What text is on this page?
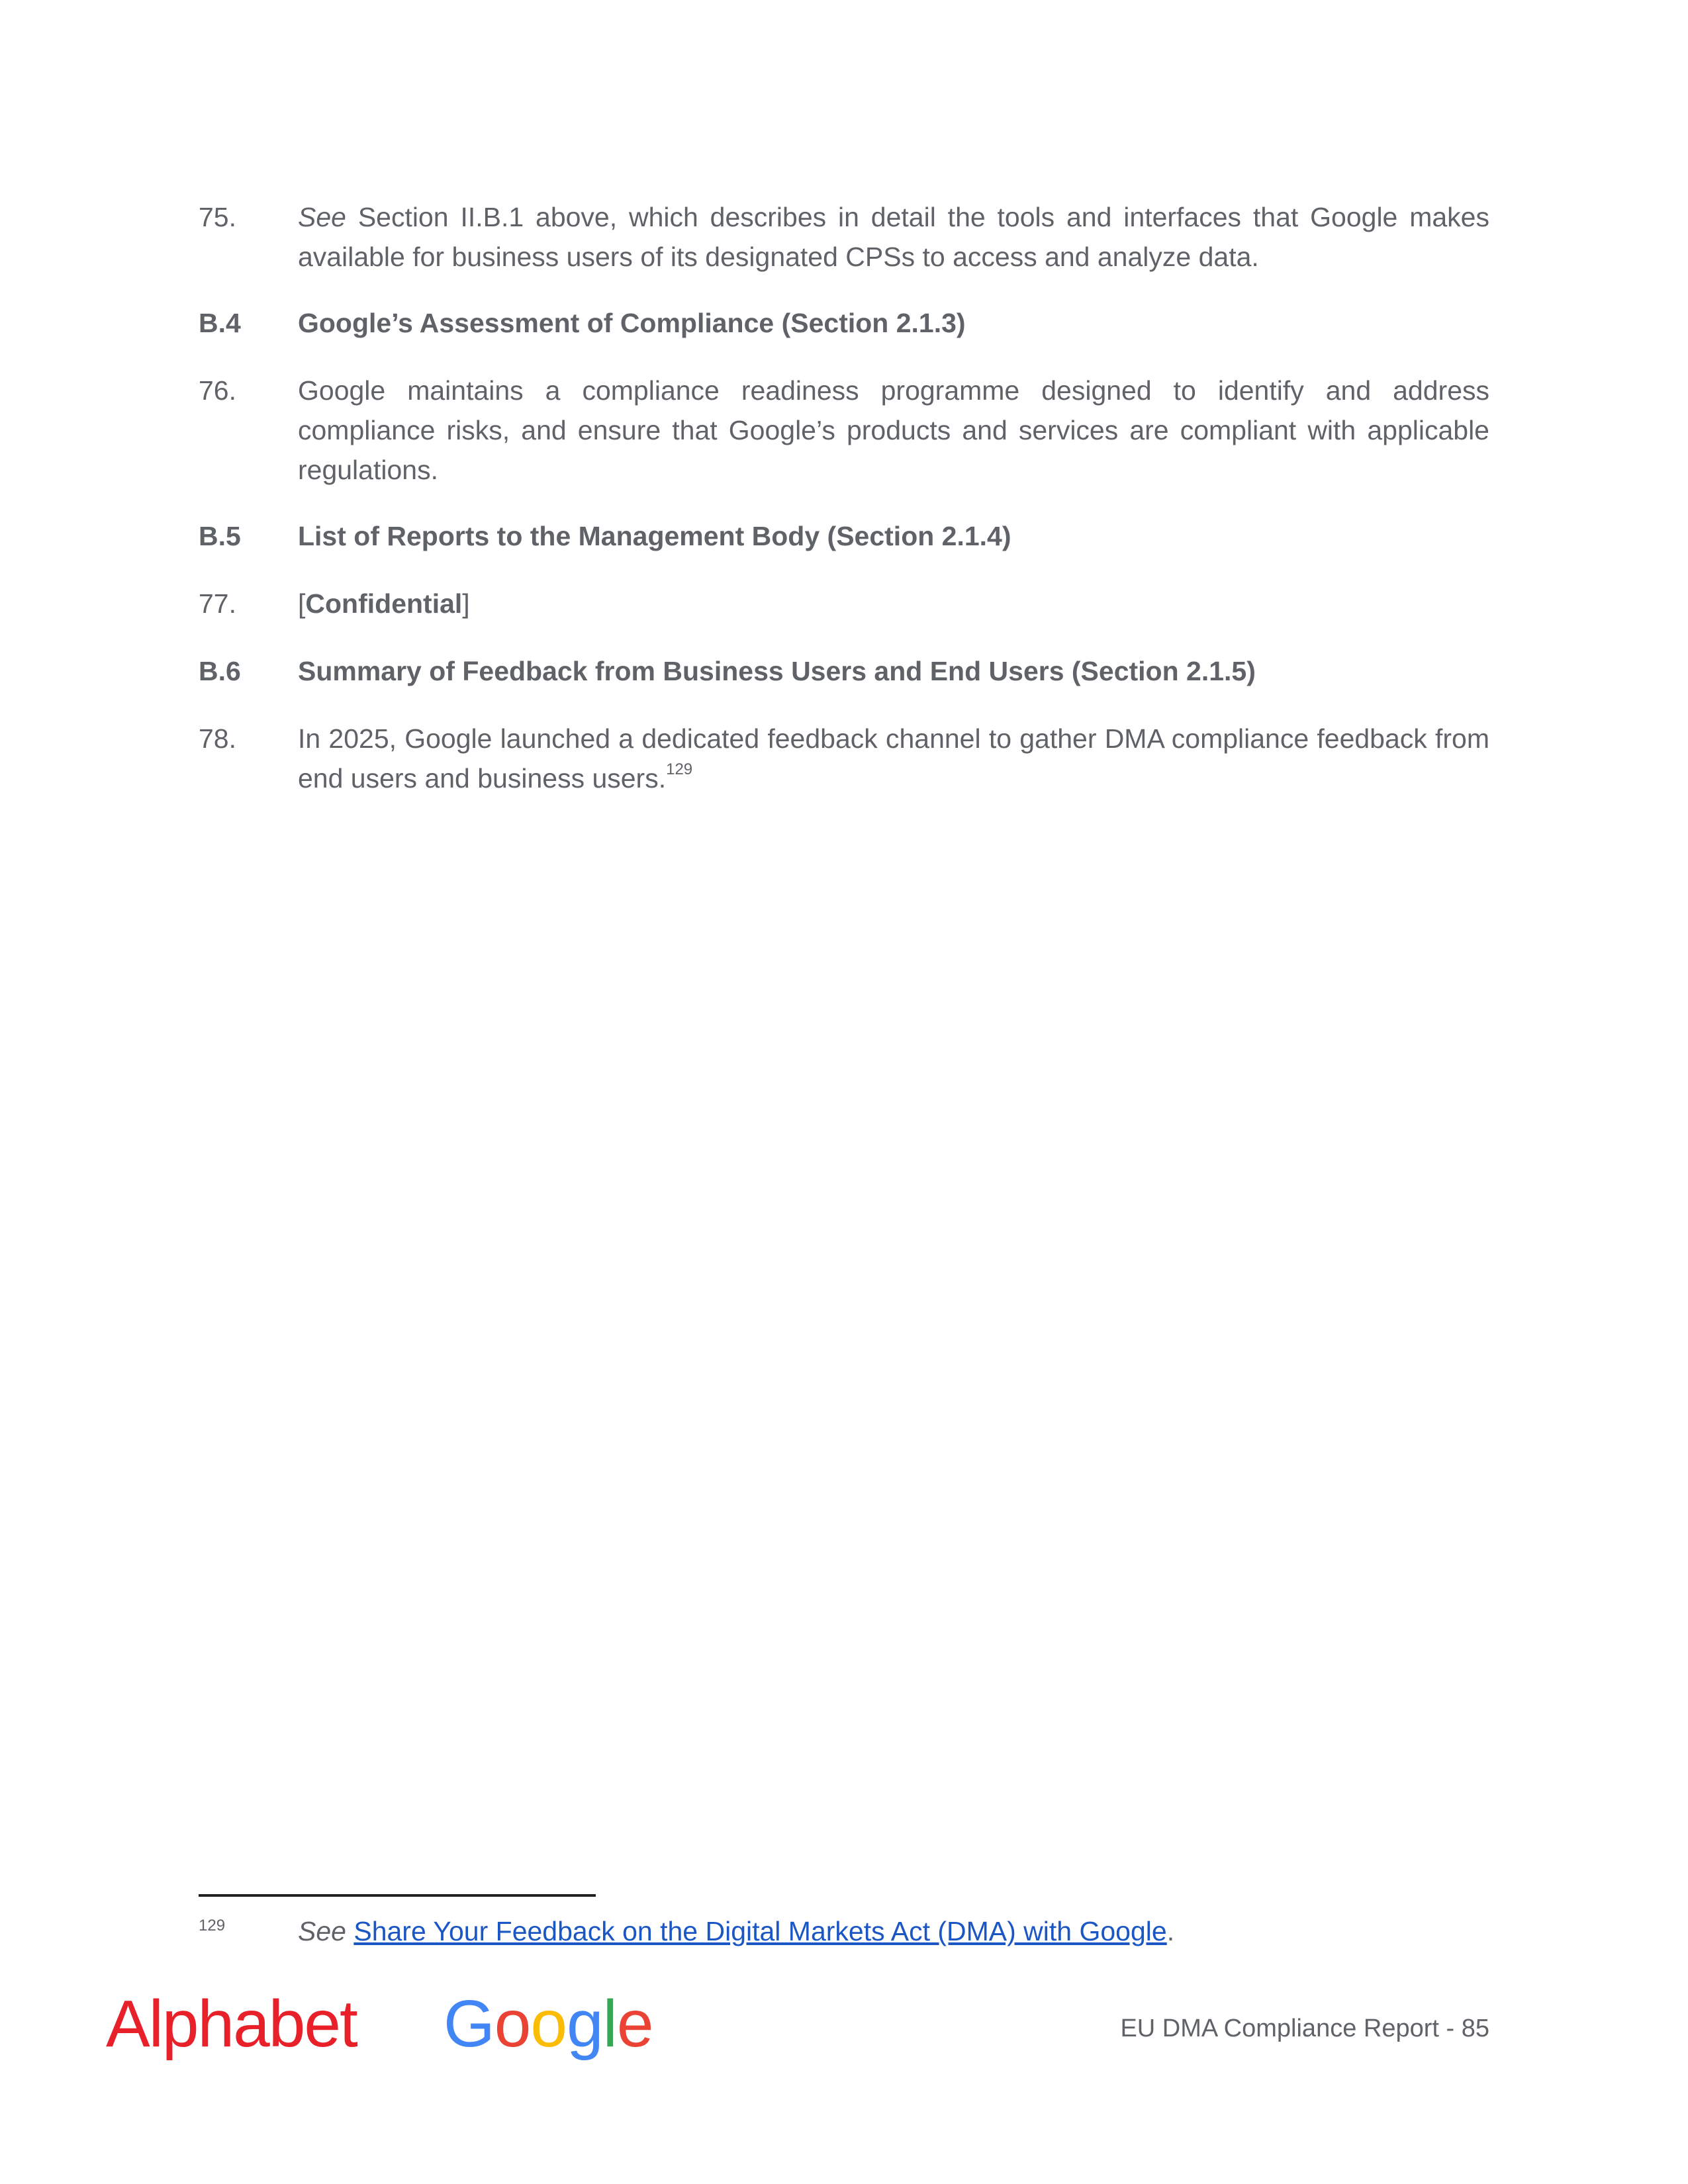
75.	See Section II.B.1 above, which describes in detail the tools and interfaces that Google makes available for business users of its designated CPSs to access and analyze data.
B.4	Google’s Assessment of Compliance (Section 2.1.3)
76.	Google maintains a compliance readiness programme designed to identify and address compliance risks, and ensure that Google’s products and services are compliant with applicable regulations.
B.5	List of Reports to the Management Body (Section 2.1.4)
77.	[Confidential]
B.6	Summary of Feedback from Business Users and End Users (Section 2.1.5)
78.	In 2025, Google launched a dedicated feedback channel to gather DMA compliance feedback from end users and business users.$^{129}$
129	See Share Your Feedback on the Digital Markets Act (DMA) with Google.
Alphabet Google	EU DMA Compliance Report - 85
